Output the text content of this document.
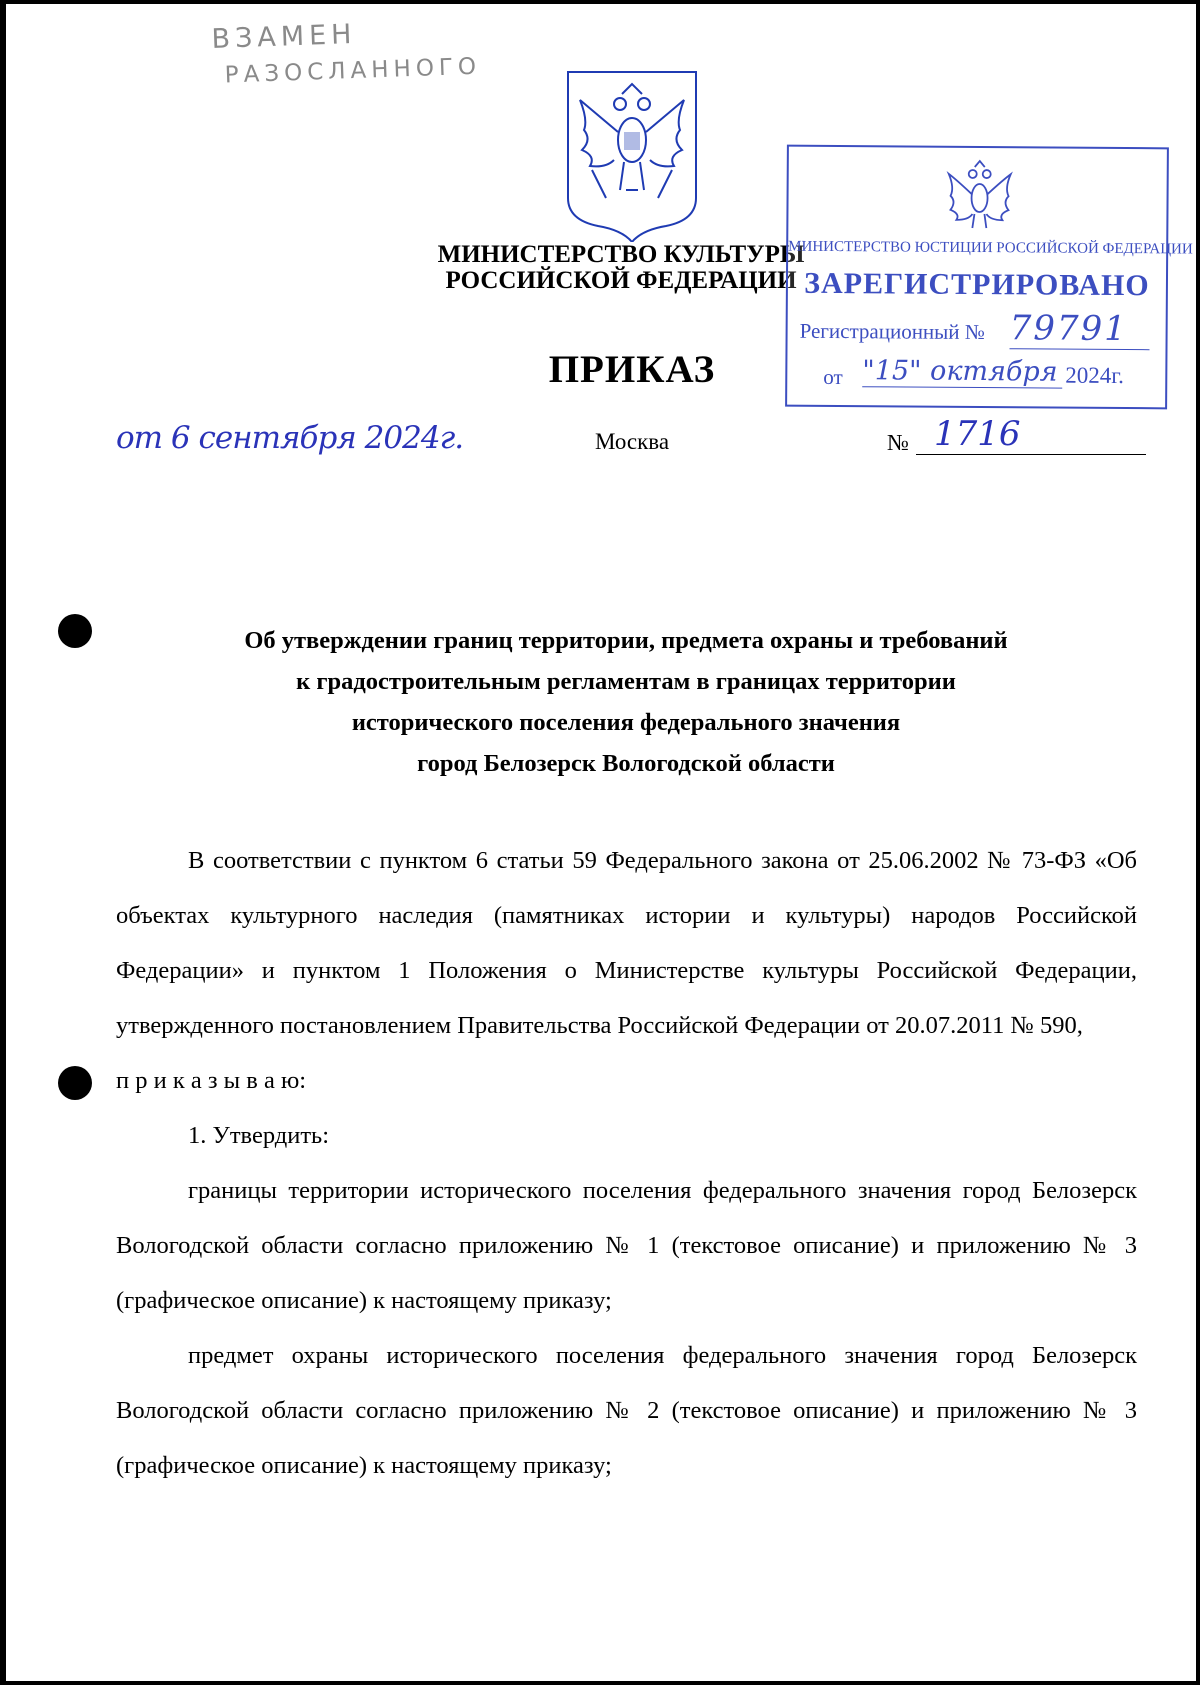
ВЗАМЕН
РАЗОСЛАННОГО
МИНИСТЕРСТВО КУЛЬТУРЫ
РОССИЙСКОЙ ФЕДЕРАЦИИ
ПРИКАЗ
МИНИСТЕРСТВО ЮСТИЦИИ РОССИЙСКОЙ ФЕДЕРАЦИИ
ЗАРЕГИСТРИРОВАНО
Регистрационный № 79791
от "15" октября 2024г.
от 6 сентября 2024г.	Москва	№ 1716
Об утверждении границ территории, предмета охраны и требований
к градостроительным регламентам в границах территории
исторического поселения федерального значения
город Белозерск Вологодской области

В соответствии с пунктом 6 статьи 59 Федерального закона от 25.06.2002 № 73-ФЗ «Об объектах культурного наследия (памятниках истории и культуры) народов Российской Федерации» и пунктом 1 Положения о Министерстве культуры Российской Федерации, утвержденного постановлением Правительства Российской Федерации от 20.07.2011 № 590,

п р и к а з ы в а ю:

1. Утвердить:

границы территории исторического поселения федерального значения город Белозерск Вологодской области согласно приложению № 1 (текстовое описание) и приложению № 3 (графическое описание) к настоящему приказу;

предмет охраны исторического поселения федерального значения город Белозерск Вологодской области согласно приложению № 2 (текстовое описание) и приложению № 3 (графическое описание) к настоящему приказу;
